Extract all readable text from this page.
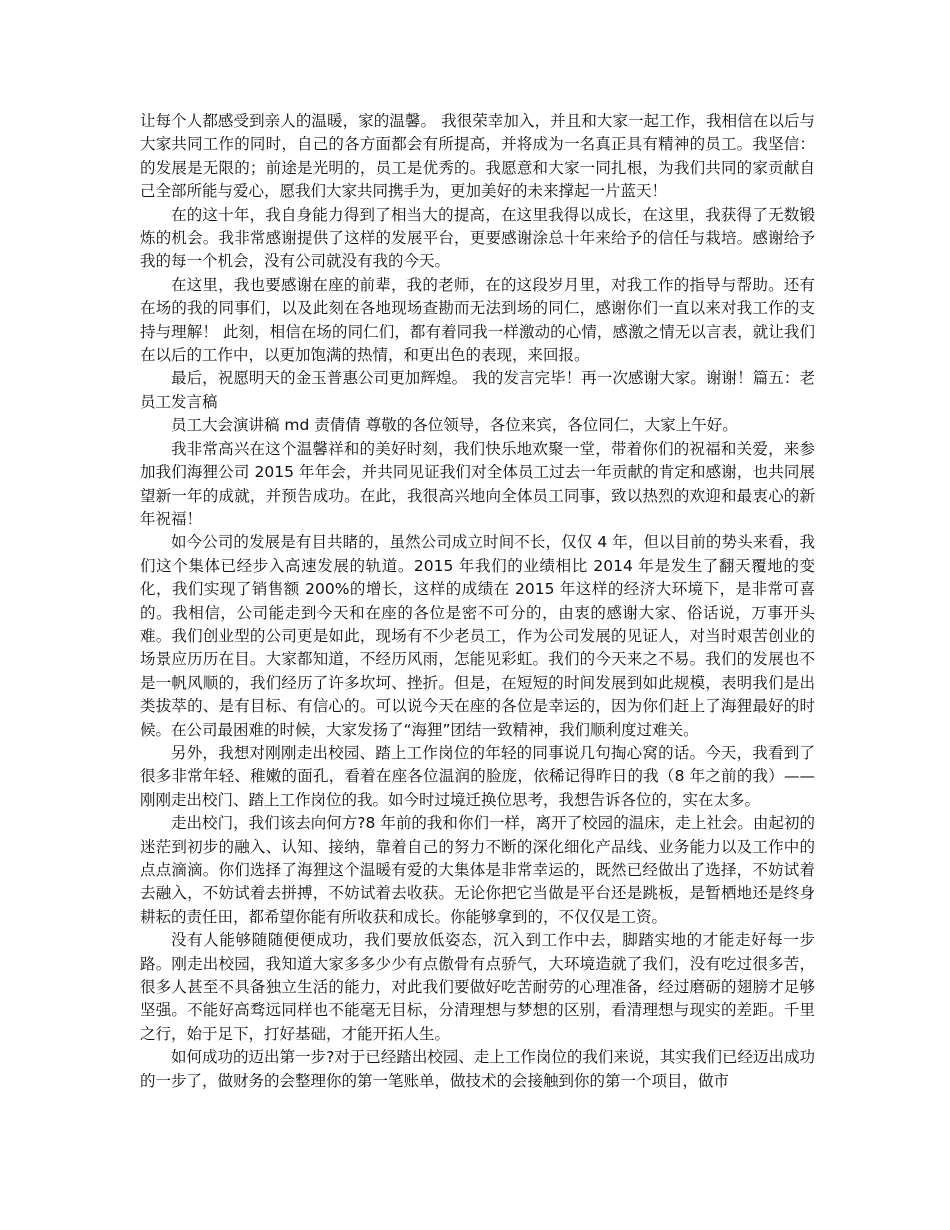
让每个人都感受到亲人的温暖，家的温馨。 我很荣幸加入，并且和大家一起工作，我相信在以后与大家共同工作的同时，自己的各方面都会有所提高，并将成为一名真正具有精神的员工。我坚信：的发展是无限的；前途是光明的，员工是优秀的。我愿意和大家一同扎根，为我们共同的家贡献自己全部所能与爱心，愿我们大家共同携手为，更加美好的未来撑起一片蓝天！

在的这十年，我自身能力得到了相当大的提高，在这里我得以成长，在这里，我获得了无数锻炼的机会。我非常感谢提供了这样的发展平台，更要感谢涂总十年来给予的信任与栽培。感谢给予我的每一个机会，没有公司就没有我的今天。

在这里，我也要感谢在座的前辈，我的老师，在的这段岁月里，对我工作的指导与帮助。还有在场的我的同事们，以及此刻在各地现场查勘而无法到场的同仁，感谢你们一直以来对我工作的支持与理解！ 此刻，相信在场的同仁们，都有着同我一样激动的心情，感激之情无以言表，就让我们在以后的工作中，以更加饱满的热情，和更出色的表现，来回报。

最后，祝愿明天的金玉普惠公司更加辉煌。 我的发言完毕！再一次感谢大家。谢谢！篇五：老员工发言稿

员工大会演讲稿 md 责倩倩 尊敬的各位领导，各位来宾，各位同仁，大家上午好。

我非常高兴在这个温馨祥和的美好时刻，我们快乐地欢聚一堂，带着你们的祝福和关爱，来参加我们海狸公司 2015 年年会，并共同见证我们对全体员工过去一年贡献的肯定和感谢，也共同展望新一年的成就，并预告成功。在此，我很高兴地向全体员工同事，致以热烈的欢迎和最衷心的新年祝福！

如今公司的发展是有目共睹的，虽然公司成立时间不长，仅仅 4 年，但以目前的势头来看，我们这个集体已经步入高速发展的轨道。2015 年我们的业绩相比 2014 年是发生了翻天覆地的变化，我们实现了销售额 200%的增长，这样的成绩在 2015 年这样的经济大环境下，是非常可喜的。我相信，公司能走到今天和在座的各位是密不可分的，由衷的感谢大家、俗话说，万事开头难。我们创业型的公司更是如此，现场有不少老员工，作为公司发展的见证人，对当时艰苦创业的场景应历历在目。大家都知道，不经历风雨，怎能见彩虹。我们的今天来之不易。我们的发展也不是一帆风顺的，我们经历了许多坎坷、挫折。但是，在短短的时间发展到如此规模，表明我们是出类拔萃的、是有目标、有信心的。可以说今天在座的各位是幸运的，因为你们赶上了海狸最好的时候。在公司最困难的时候，大家发扬了“海狸”团结一致精神，我们顺利度过难关。

另外，我想对刚刚走出校园、踏上工作岗位的年轻的同事说几句掏心窝的话。今天，我看到了很多非常年轻、稚嫩的面孔，看着在座各位温润的脸庞，依稀记得昨日的我（8 年之前的我）——刚刚走出校门、踏上工作岗位的我。如今时过境迁换位思考，我想告诉各位的，实在太多。

走出校门，我们该去向何方?8 年前的我和你们一样，离开了校园的温床，走上社会。由起初的迷茫到初步的融入、认知、接纳，靠着自己的努力不断的深化细化产品线、业务能力以及工作中的点点滴滴。你们选择了海狸这个温暖有爱的大集体是非常幸运的，既然已经做出了选择，不妨试着去融入，不妨试着去拼搏，不妨试着去收获。无论你把它当做是平台还是跳板，是暂栖地还是终身耕耘的责任田，都希望你能有所收获和成长。你能够拿到的，不仅仅是工资。

没有人能够随随便便成功，我们要放低姿态，沉入到工作中去，脚踏实地的才能走好每一步路。刚走出校园，我知道大家多多少少有点傲骨有点骄气，大环境造就了我们，没有吃过很多苦，很多人甚至不具备独立生活的能力，对此我们要做好吃苦耐劳的心理准备，经过磨砺的翅膀才足够坚强。不能好高骛远同样也不能毫无目标，分清理想与梦想的区别，看清理想与现实的差距。千里之行，始于足下，打好基础，才能开拓人生。

如何成功的迈出第一步?对于已经踏出校园、走上工作岗位的我们来说，其实我们已经迈出成功的一步了，做财务的会整理你的第一笔账单，做技术的会接触到你的第一个项目，做市
